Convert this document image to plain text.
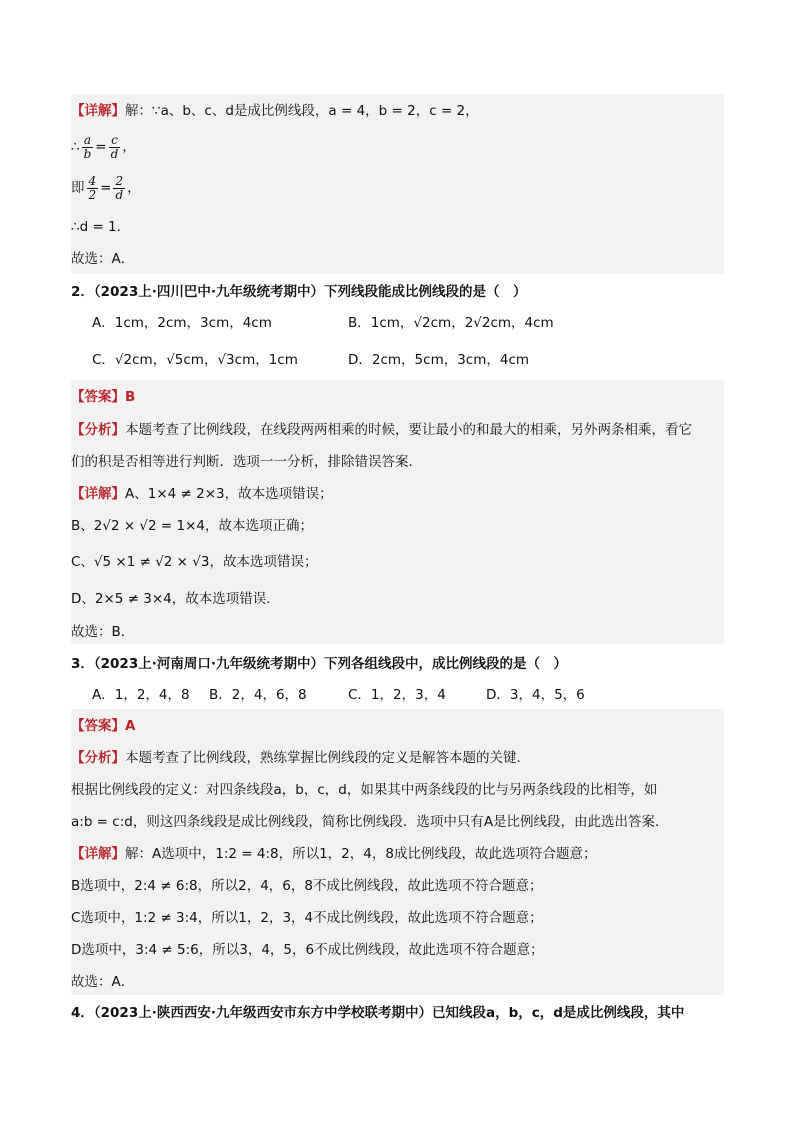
【详解】解：∵a、b、c、d是成比例线段，a = 4，b = 2，c = 2，
∴ $\frac{a}{b} = \frac{c}{d}$ ，
即 $\frac{4}{2} = \frac{2}{d}$ ，
∴d = 1．
故选：A．
2．（2023上·四川巴中·九年级统考期中）下列线段能成比例线段的是（　）
A．1cm，2cm，3cm，4cm	B．1cm，√2cm，2√2cm，4cm
C．√2cm，√5cm，√3cm，1cm	D．2cm，5cm，3cm，4cm
【答案】B
【分析】本题考查了比例线段，在线段两两相乘的时候，要让最小的和最大的相乘，另外两条相乘，看它
们的积是否相等进行判断．选项一一分析，排除错误答案．
【详解】A、1×4 ≠ 2×3，故本选项错误；
B、2√2 × √2 = 1×4，故本选项正确；
C、√5 ×1 ≠ √2 × √3，故本选项错误；
D、2×5 ≠ 3×4，故本选项错误．
故选：B．
3．（2023上·河南周口·九年级统考期中）下列各组线段中，成比例线段的是（　）
A．1，2，4，8 B．2，4，6，8	C．1，2，3，4	D．3，4，5，6
【答案】A
【分析】本题考查了比例线段，熟练掌握比例线段的定义是解答本题的关键．
根据比例线段的定义：对四条线段a，b，c，d，如果其中两条线段的比与另两条线段的比相等，如
a:b = c:d，则这四条线段是成比例线段，简称比例线段．选项中只有A是比例线段，由此选出答案．
【详解】解：A选项中，1:2 = 4:8，所以1，2，4，8成比例线段，故此选项符合题意；
B选项中，2:4 ≠ 6:8，所以2，4，6，8不成比例线段，故此选项不符合题意；
C选项中，1:2 ≠ 3:4，所以1，2，3，4不成比例线段，故此选项不符合题意；
D选项中，3:4 ≠ 5:6，所以3，4，5，6不成比例线段，故此选项不符合题意；
故选：A．
4．（2023上·陕西西安·九年级西安市东方中学校联考期中）已知线段a，b，c，d是成比例线段，其中
